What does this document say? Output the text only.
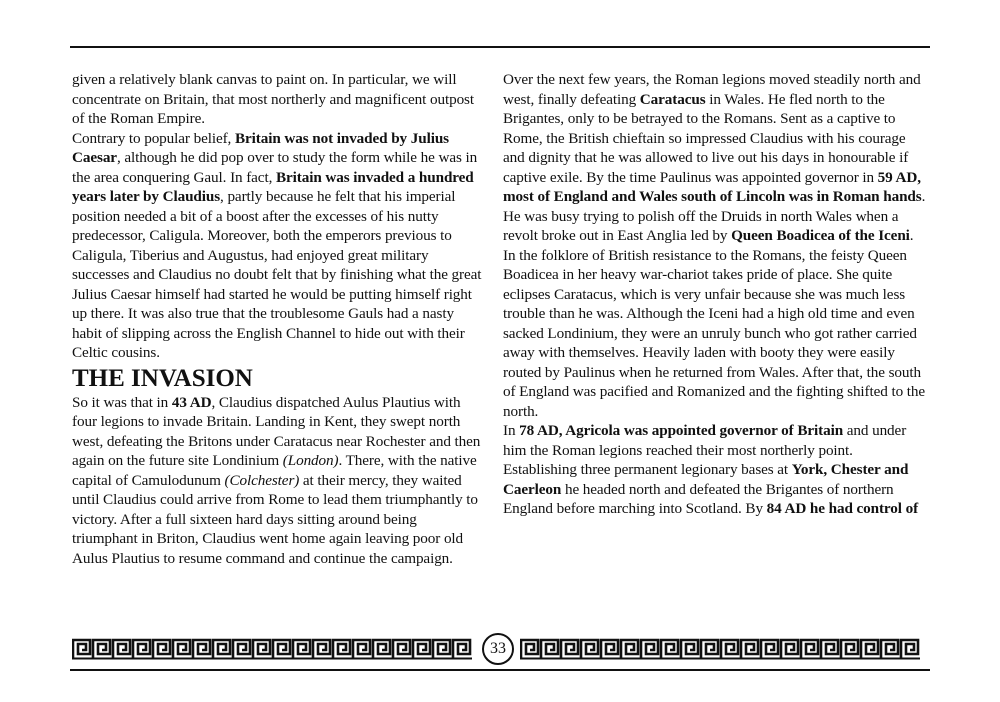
given a relatively blank canvas to paint on. In particular, we will concentrate on Britain, that most northerly and magnificent outpost of the Roman Empire.

Contrary to popular belief, Britain was not invaded by Julius Caesar, although he did pop over to study the form while he was in the area conquering Gaul. In fact, Britain was invaded a hundred years later by Claudius, partly because he felt that his imperial position needed a bit of a boost after the excesses of his nutty predecessor, Caligula. Moreover, both the emperors previous to Caligula, Tiberius and Augustus, had enjoyed great military successes and Claudius no doubt felt that by finishing what the great Julius Caesar himself had started he would be putting himself right up there. It was also true that the troublesome Gauls had a nasty habit of slipping across the English Channel to hide out with their Celtic cousins.

THE INVASION

So it was that in 43 AD, Claudius dispatched Aulus Plautius with four legions to invade Britain. Landing in Kent, they swept north west, defeating the Britons under Caratacus near Rochester and then again on the future site Londinium (London). There, with the native capital of Camulodunum (Colchester) at their mercy, they waited until Claudius could arrive from Rome to lead them triumphantly to victory. After a full sixteen hard days sitting around being triumphant in Briton, Claudius went home again leaving poor old Aulus Plautius to resume command and continue the campaign.

Over the next few years, the Roman legions moved steadily north and west, finally defeating Caratacus in Wales. He fled north to the Brigantes, only to be betrayed to the Romans. Sent as a captive to Rome, the British chieftain so impressed Claudius with his courage and dignity that he was allowed to live out his days in honourable if captive exile. By the time Paulinus was appointed governor in 59 AD, most of England and Wales south of Lincoln was in Roman hands. He was busy trying to polish off the Druids in north Wales when a revolt broke out in East Anglia led by Queen Boadicea of the Iceni.

In the folklore of British resistance to the Romans, the feisty Queen Boadicea in her heavy war-chariot takes pride of place. She quite eclipses Caratacus, which is very unfair because she was much less trouble than he was. Although the Iceni had a high old time and even sacked Londinium, they were an unruly bunch who got rather carried away with themselves. Heavily laden with booty they were easily routed by Paulinus when he returned from Wales. After that, the south of England was pacified and Romanized and the fighting shifted to the north.

In 78 AD, Agricola was appointed governor of Britain and under him the Roman legions reached their most northerly point. Establishing three permanent legionary bases at York, Chester and Caerleon he headed north and defeated the Brigantes of northern England before marching into Scotland. By 84 AD he had control of

33
